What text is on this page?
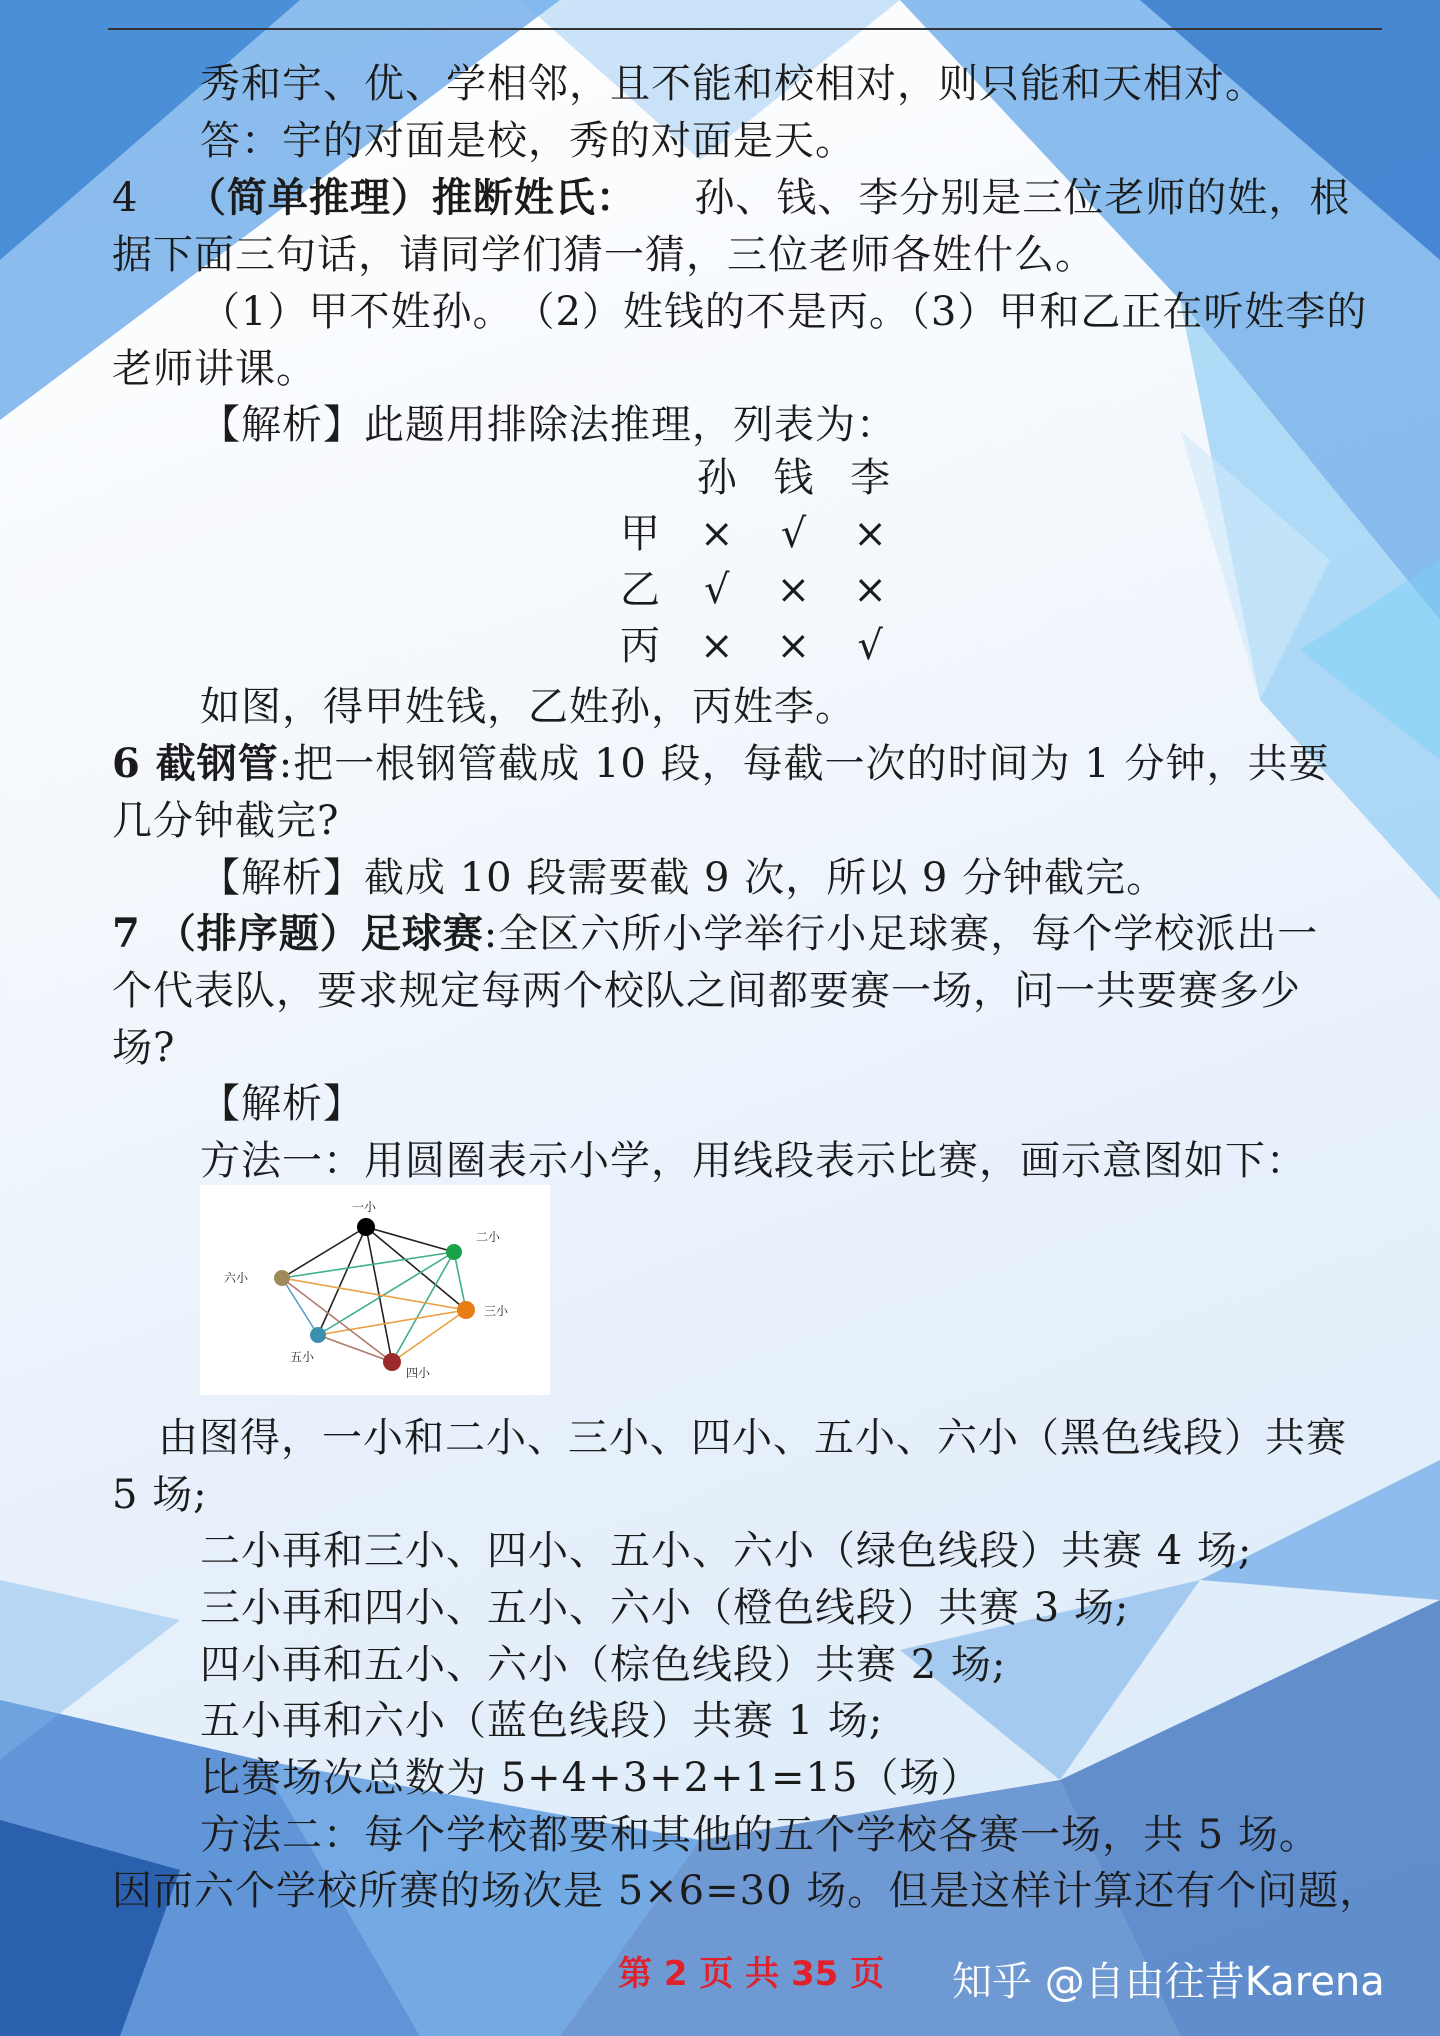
秀和宇、优、学相邻，且不能和校相对，则只能和天相对。
答：宇的对面是校，秀的对面是天。
4 （简单推理）推断姓氏： 孙、钱、李分别是三位老师的姓，根
据下面三句话，请同学们猜一猜，三位老师各姓什么。
（1）甲不姓孙。　（2）姓钱的不是丙。（3）甲和乙正在听姓李的
老师讲课。
【解析】此题用排除法推理，列表为：
孙 钱 李
甲 × √ ×
乙 √ × ×
丙 × × √
如图，得甲姓钱，乙姓孙，丙姓李。
6 截钢管:把一根钢管截成 10 段，每截一次的时间为 1 分钟，共要
几分钟截完?
【解析】截成 10 段需要截 9 次，所以 9 分钟截完。
7 （排序题）足球赛:全区六所小学举行小足球赛，每个学校派出一
个代表队，要求规定每两个校队之间都要赛一场，问一共要赛多少
场?
【解析】
方法一：用圆圈表示小学，用线段表示比赛，画示意图如下：
一小
二小
三小
四小
五小
六小
由图得，一小和二小、三小、四小、五小、六小（黑色线段）共赛
5 场;
二小再和三小、四小、五小、六小（绿色线段）共赛 4 场;
三小再和四小、五小、六小（橙色线段）共赛 3 场;
四小再和五小、六小（棕色线段）共赛 2 场;
五小再和六小（蓝色线段）共赛 1 场;
比赛场次总数为 5+4+3+2+1=15（场）
方法二：每个学校都要和其他的五个学校各赛一场，共 5 场。
因而六个学校所赛的场次是 5×6=30 场。但是这样计算还有个问题，
第 2 页 共 35 页 知乎 @自由往昔Karena
